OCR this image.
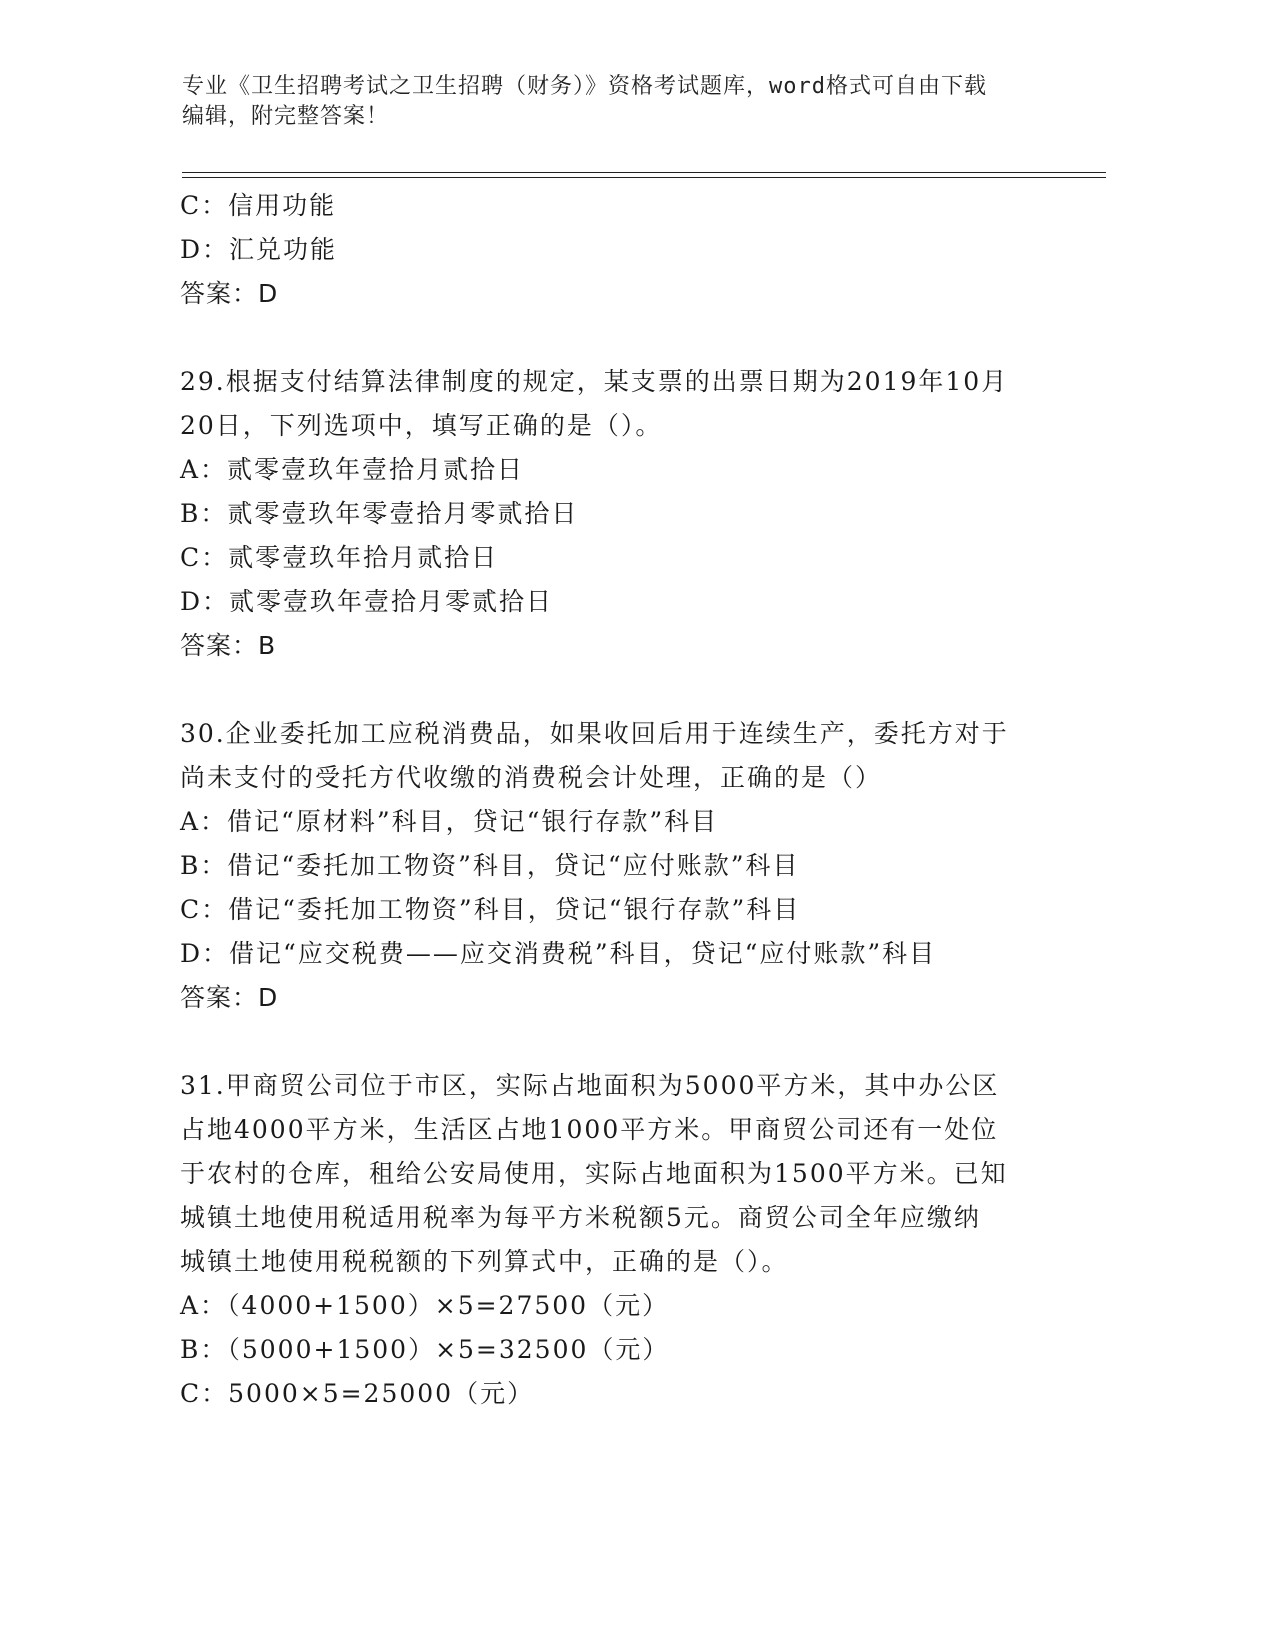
专业《卫生招聘考试之卫生招聘（财务）》资格考试题库，word格式可自由下载
编辑，附完整答案！
C：信用功能
D：汇兑功能
答案：D
29.根据支付结算法律制度的规定，某支票的出票日期为2019年10月
20日，下列选项中，填写正确的是（）。
A：贰零壹玖年壹拾月贰拾日
B：贰零壹玖年零壹拾月零贰拾日
C：贰零壹玖年拾月贰拾日
D：贰零壹玖年壹拾月零贰拾日
答案：B
30.企业委托加工应税消费品，如果收回后用于连续生产，委托方对于
尚未支付的受托方代收缴的消费税会计处理，正确的是（）
A：借记“原材料”科目，贷记“银行存款”科目
B：借记“委托加工物资”科目，贷记“应付账款”科目
C：借记“委托加工物资”科目，贷记“银行存款”科目
D：借记“应交税费——应交消费税”科目，贷记“应付账款”科目
答案：D
31.甲商贸公司位于市区，实际占地面积为5000平方米，其中办公区
占地4000平方米，生活区占地1000平方米。甲商贸公司还有一处位
于农村的仓库，租给公安局使用，实际占地面积为1500平方米。已知
城镇土地使用税适用税率为每平方米税额5元。商贸公司全年应缴纳
城镇土地使用税税额的下列算式中，正确的是（）。
A：（4000+1500）×5=27500（元）
B：（5000+1500）×5=32500（元）
C：5000×5=25000（元）
